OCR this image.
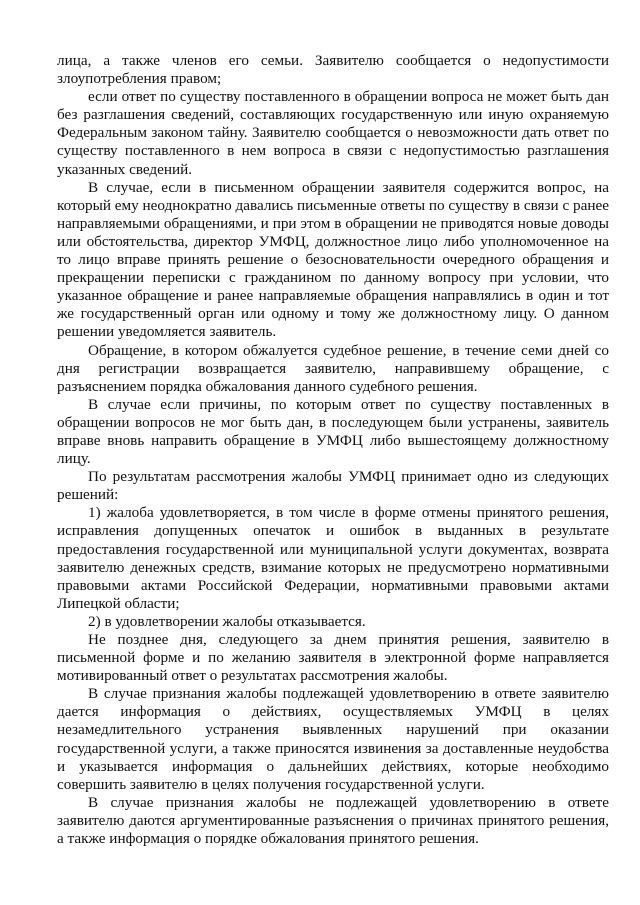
лица, а также членов его семьи. Заявителю сообщается о недопустимости злоупотребления правом;

если ответ по существу поставленного в обращении вопроса не может быть дан без разглашения сведений, составляющих государственную или иную охраняемую Федеральным законом тайну. Заявителю сообщается о невозможности дать ответ по существу поставленного в нем вопроса в связи с недопустимостью разглашения указанных сведений.

В случае, если в письменном обращении заявителя содержится вопрос, на который ему неоднократно давались письменные ответы по существу в связи с ранее направляемыми обращениями, и при этом в обращении не приводятся новые доводы или обстоятельства, директор УМФЦ, должностное лицо либо уполномоченное на то лицо вправе принять решение о безосновательности очередного обращения и прекращении переписки с гражданином по данному вопросу при условии, что указанное обращение и ранее направляемые обращения направлялись в один и тот же государственный орган или одному и тому же должностному лицу. О данном решении уведомляется заявитель.

Обращение, в котором обжалуется судебное решение, в течение семи дней со дня регистрации возвращается заявителю, направившему обращение, с разъяснением порядка обжалования данного судебного решения.

В случае если причины, по которым ответ по существу поставленных в обращении вопросов не мог быть дан, в последующем были устранены, заявитель вправе вновь направить обращение в УМФЦ либо вышестоящему должностному лицу.

По результатам рассмотрения жалобы УМФЦ принимает одно из следующих решений:

1) жалоба удовлетворяется, в том числе в форме отмены принятого решения, исправления допущенных опечаток и ошибок в выданных в результате предоставления государственной или муниципальной услуги документах, возврата заявителю денежных средств, взимание которых не предусмотрено нормативными правовыми актами Российской Федерации, нормативными правовыми актами Липецкой области;

2) в удовлетворении жалобы отказывается.

Не позднее дня, следующего за днем принятия решения, заявителю в письменной форме и по желанию заявителя в электронной форме направляется мотивированный ответ о результатах рассмотрения жалобы.

В случае признания жалобы подлежащей удовлетворению в ответе заявителю дается информация о действиях, осуществляемых УМФЦ в целях незамедлительного устранения выявленных нарушений при оказании государственной услуги, а также приносятся извинения за доставленные неудобства и указывается информация о дальнейших действиях, которые необходимо совершить заявителю в целях получения государственной услуги.

В случае признания жалобы не подлежащей удовлетворению в ответе заявителю даются аргументированные разъяснения о причинах принятого решения, а также информация о порядке обжалования принятого решения.
